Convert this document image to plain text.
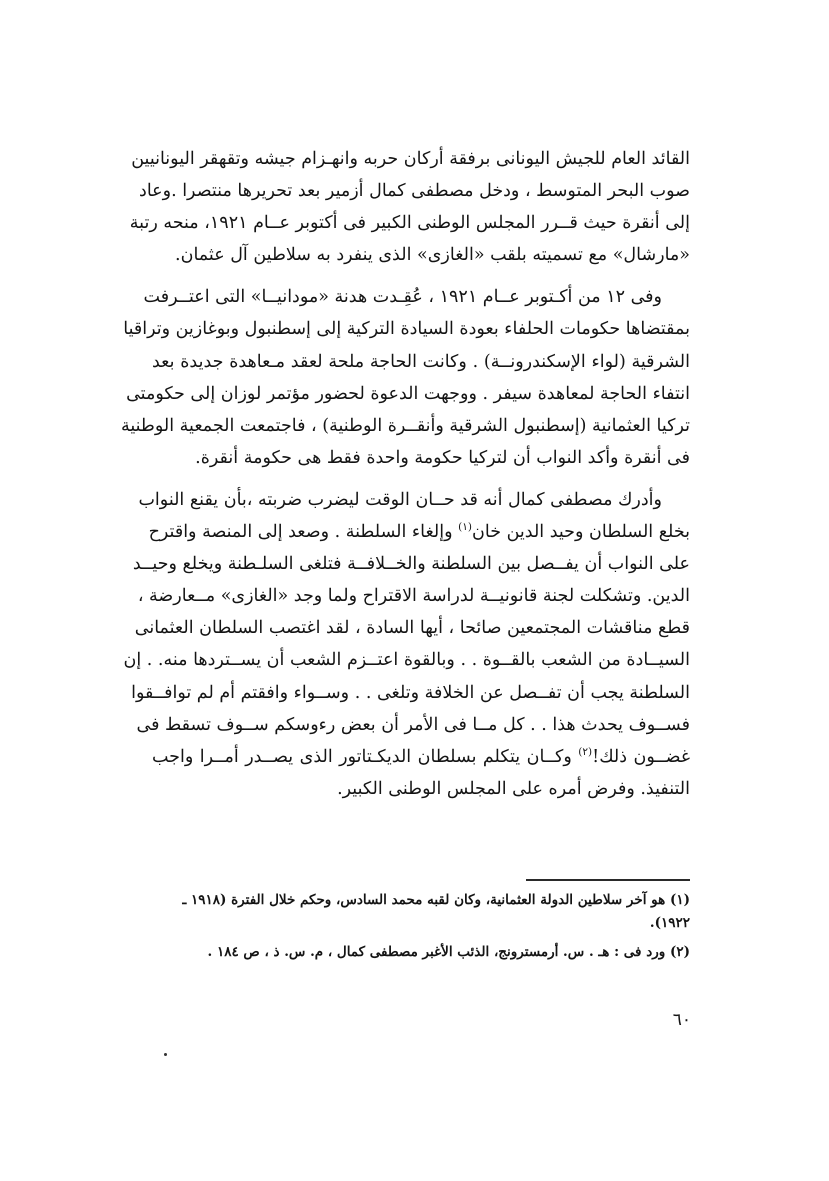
القائد العام للجيش اليونانى برفقة أركان حربه وانهـزام جيشه وتقهقر اليونانيين
صوب البحر المتوسط ، ودخل مصطفى كمال أزمير بعد تحريرها منتصرا .وعاد
إلى أنقرة حيث قــرر المجلس الوطنى الكبير فى أكتوبر عــام ١٩٢١، منحه رتبة
«مارشال» مع تسميته بلقب «الغازى» الذى ينفرد به سلاطين آل عثمان.

وفى ١٢ من أكـتوبر عــام ١٩٢١ ، عُقِـدت هدنة «مودانيــا» التى اعتــرفت
بمقتضاها حكومات الحلفاء بعودة السيادة التركية إلى إسطنبول وبوغازين وتراقيا
الشرقية (لواء الإسكندرونــة) . وكانت الحاجة ملحة لعقد مـعاهدة جديدة بعد
انتفاء الحاجة لمعاهدة سيفر . ووجهت الدعوة لحضور مؤتمر لوزان إلى حكومتى
تركيا العثمانية (إسطنبول الشرقية وأنقــرة الوطنية) ، فاجتمعت الجمعية الوطنية
فى أنقرة وأكد النواب أن لتركيا حكومة واحدة فقط هى حكومة أنقرة.

وأدرك مصطفى كمال أنه قد حــان الوقت ليضرب ضربته ،بأن يقنع النواب
بخلع السلطان وحيد الدين خان$^{(١)}$ وإلغاء السلطنة . وصعد إلى المنصة واقترح
على النواب أن يفــصل بين السلطنة والخــلافــة فتلغى السلـطنة ويخلع وحيــد
الدين. وتشكلت لجنة قانونيــة لدراسة الاقتراح ولما وجد «الغازى» مــعارضة ،
قطع مناقشات المجتمعين صائحا ، أيها السادة ، لقد اغتصب السلطان العثمانى
السيــادة من الشعب بالقــوة . . وبالقوة اعتــزم الشعب أن يســتردها منه. . إن
السلطنة يجب أن تفــصل عن الخلافة وتلغى . . وســواء وافقتم أم لم توافــقوا
فســوف يحدث هذا . . كل مــا فى الأمر أن بعض رءوسكم ســوف تسقط فى
غضــون ذلك!$^{(٢)}$ وكــان يتكلم بسلطان الديكـتاتور الذى يصــدر أمــرا واجب
التنفيذ. وفرض أمره على المجلس الوطنى الكبير.

(١) هو آخر سلاطين الدولة العثمانية، وكان لقبه محمد السادس، وحكم خلال الفترة (١٩١٨ ـ
١٩٢٢).

(٢) ورد فى : هـ . س. أرمسترونج، الذئب الأغبر مصطفى كمال ، م. س. ذ ، ص ١٨٤ .

٦٠
